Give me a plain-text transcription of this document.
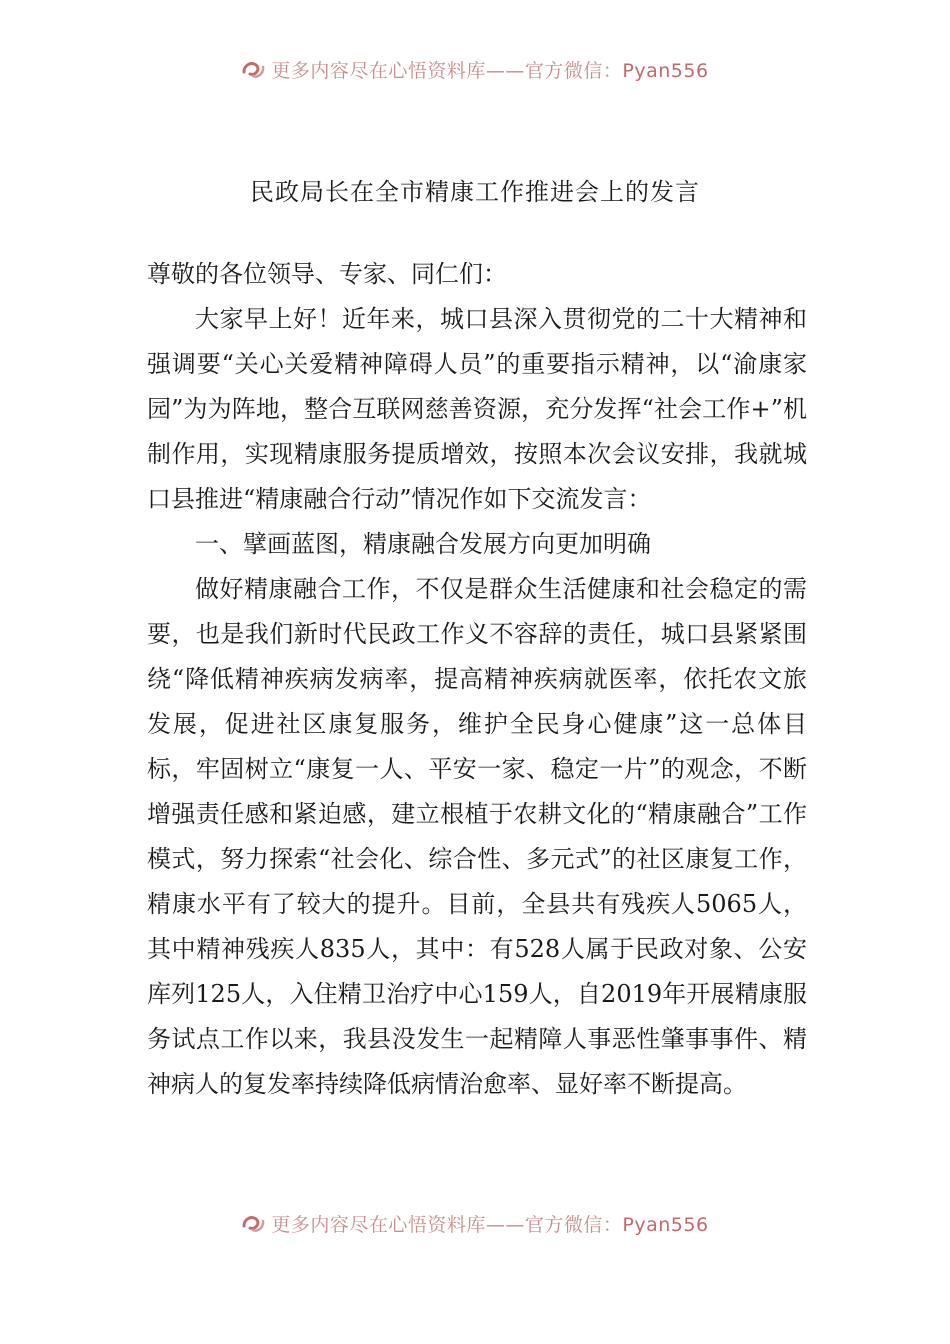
更多内容尽在心悟资料库——官方微信：Pyan556
民政局长在全市精康工作推进会上的发言

尊敬的各位领导、专家、同仁们：

大家早上好！近年来，城口县深入贯彻党的二十大精神和强调要“关心关爱精神障碍人员”的重要指示精神，以“渝康家园”为为阵地，整合互联网慈善资源，充分发挥“社会工作+”机制作用，实现精康服务提质增效，按照本次会议安排，我就城口县推进“精康融合行动”情况作如下交流发言：

一、擘画蓝图，精康融合发展方向更加明确

做好精康融合工作，不仅是群众生活健康和社会稳定的需要，也是我们新时代民政工作义不容辞的责任，城口县紧紧围绕“降低精神疾病发病率，提高精神疾病就医率，依托农文旅发展，促进社区康复服务，维护全民身心健康”这一总体目标，牢固树立“康复一人、平安一家、稳定一片”的观念，不断增强责任感和紧迫感，建立根植于农耕文化的“精康融合”工作模式，努力探索“社会化、综合性、多元式”的社区康复工作，精康水平有了较大的提升。目前，全县共有残疾人5065人，其中精神残疾人835人，其中：有528人属于民政对象、公安库列125人，入住精卫治疗中心159人，自2019年开展精康服务试点工作以来，我县没发生一起精障人事恶性肇事事件、精神病人的复发率持续降低病情治愈率、显好率不断提高。

更多内容尽在心悟资料库——官方微信：Pyan556
